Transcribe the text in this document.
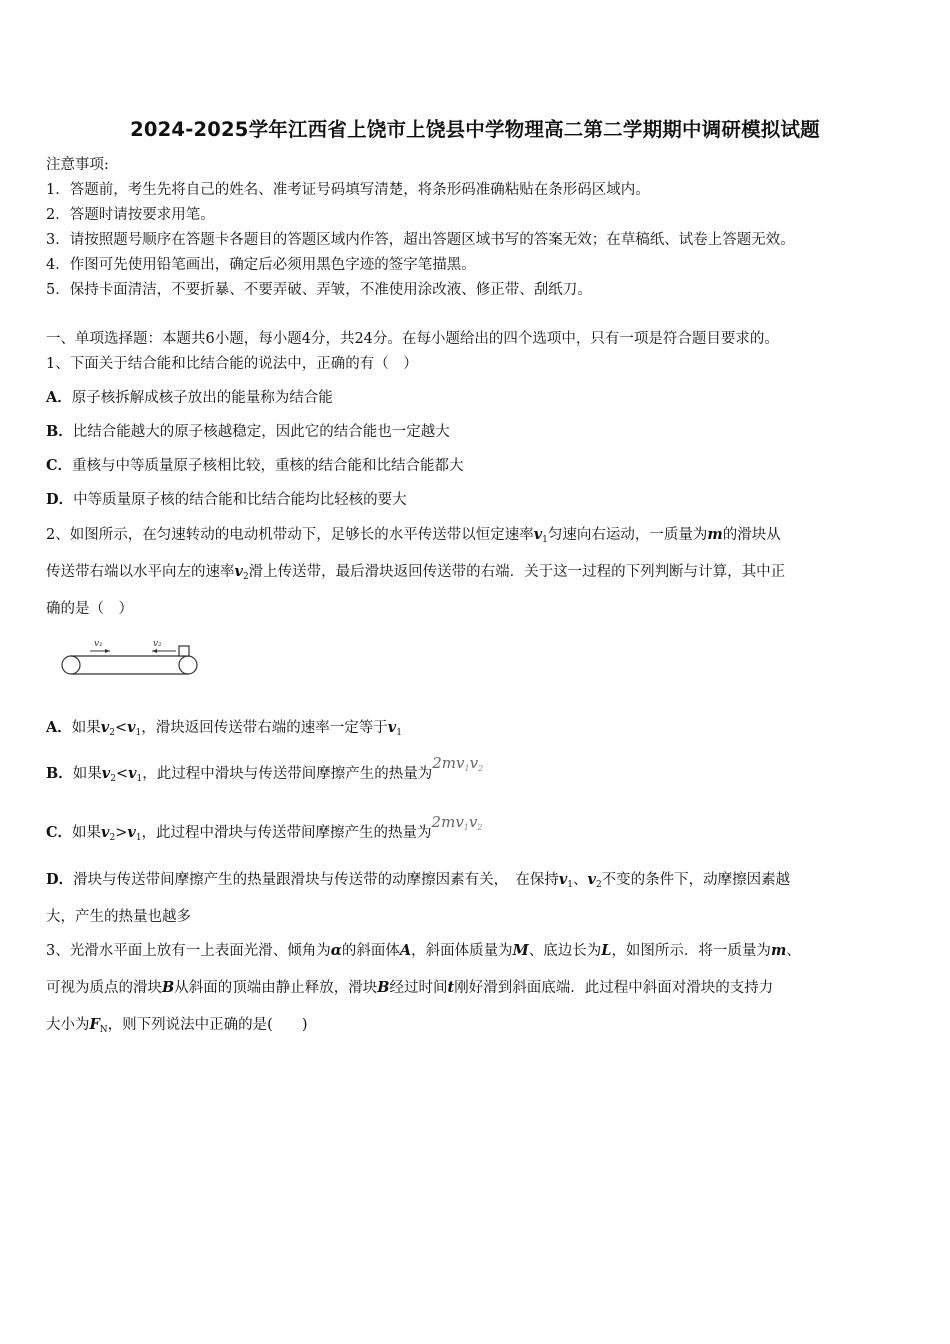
2024-2025学年江西省上饶市上饶县中学物理高二第二学期期中调研模拟试题
注意事项:
1．答题前，考生先将自己的姓名、准考证号码填写清楚，将条形码准确粘贴在条形码区域内。
2．答题时请按要求用笔。
3．请按照题号顺序在答题卡各题目的答题区域内作答，超出答题区域书写的答案无效；在草稿纸、试卷上答题无效。
4．作图可先使用铅笔画出，确定后必须用黑色字迹的签字笔描黑。
5．保持卡面清洁，不要折暴、不要弄破、弄皱，不准使用涂改液、修正带、刮纸刀。
一、单项选择题：本题共6小题，每小题4分，共24分。在每小题给出的四个选项中，只有一项是符合题目要求的。
1、下面关于结合能和比结合能的说法中，正确的有（　）
A．原子核拆解成核子放出的能量称为结合能
B．比结合能越大的原子核越稳定，因此它的结合能也一定越大
C．重核与中等质量原子核相比较，重核的结合能和比结合能都大
D．中等质量原子核的结合能和比结合能均比轻核的要大
2、如图所示，在匀速转动的电动机带动下，足够长的水平传送带以恒定速率$v_1$匀速向右运动，一质量为m的滑块从
传送带右端以水平向左的速率$v_2$滑上传送带，最后滑块返回传送带的右端．关于这一过程的下列判断与计算，其中正
确的是（　）
v₁	v₂
A．如果$v_2<v_1$，滑块返回传送带右端的速率一定等于$v_1$
B．如果$v_2<v_1$，此过程中滑块与传送带间摩擦产生的热量为$2mv_1v_2$
C．如果$v_2>v_1$，此过程中滑块与传送带间摩擦产生的热量为$2mv_1v_2$
D．滑块与传送带间摩擦产生的热量跟滑块与传送带的动摩擦因素有关，　在保持$v_1$、$v_2$不变的条件下，动摩擦因素越
大，产生的热量也越多
3、光滑水平面上放有一上表面光滑、倾角为α的斜面体A，斜面体质量为M、底边长为L，如图所示．将一质量为m、
可视为质点的滑块B从斜面的顶端由静止释放，滑块B经过时间t刚好滑到斜面底端．此过程中斜面对滑块的支持力
大小为$F_N$，则下列说法中正确的是(　　)
